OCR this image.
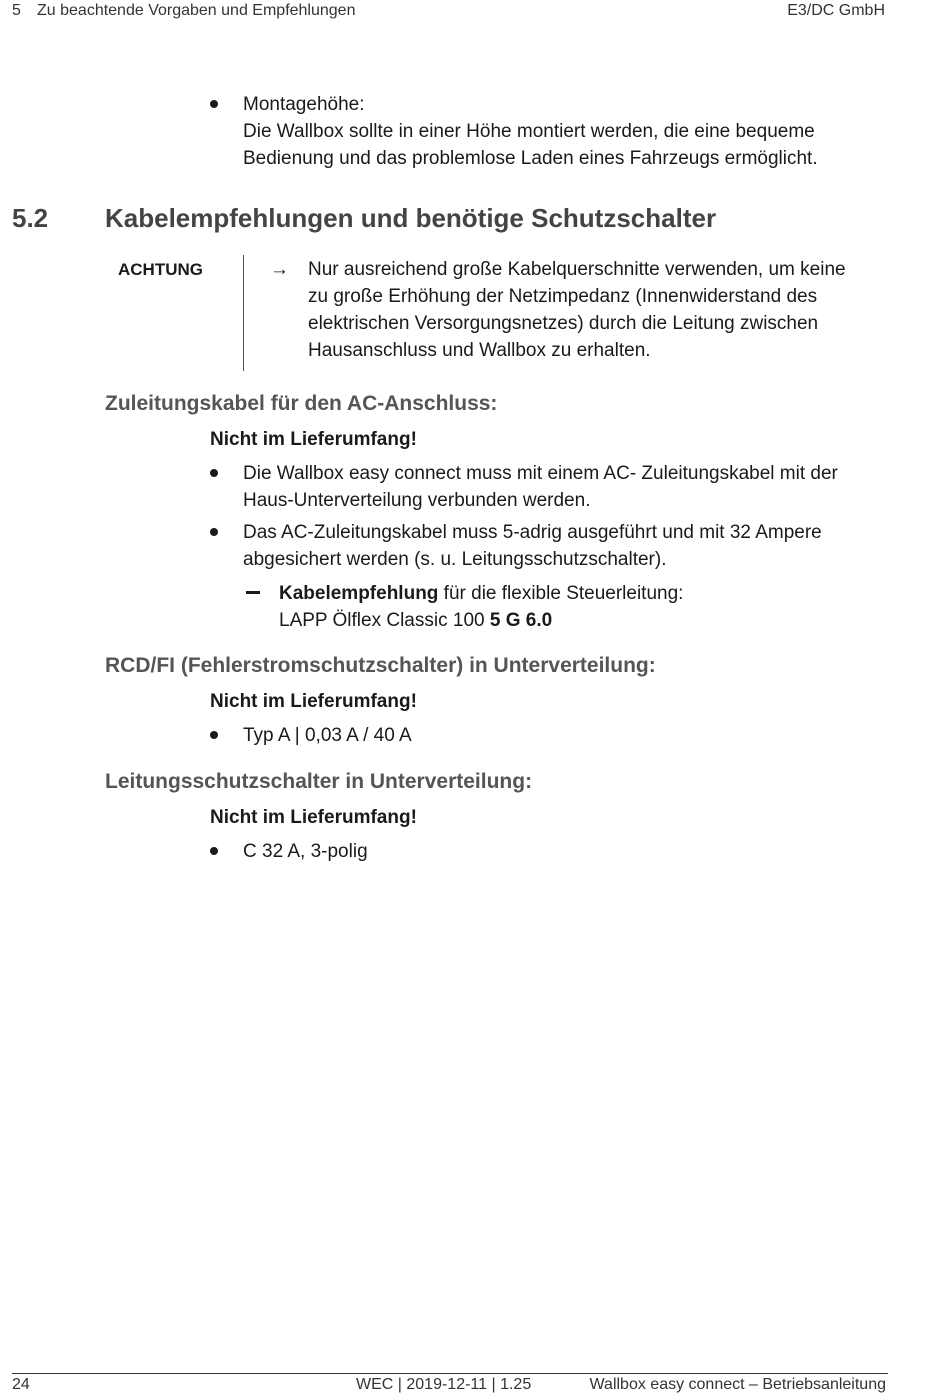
5 Zu beachtende Vorgaben und Empfehlungen	E3/DC GmbH
Montagehöhe:
Die Wallbox sollte in einer Höhe montiert werden, die eine bequeme
Bedienung und das problemlose Laden eines Fahrzeugs ermöglicht.
5.2 Kabelempfehlungen und benötige Schutzschalter
ACHTUNG	→ Nur ausreichend große Kabelquerschnitte verwenden, um keine
zu große Erhöhung der Netzimpedanz (Innenwiderstand des
elektrischen Versorgungsnetzes) durch die Leitung zwischen
Hausanschluss und Wallbox zu erhalten.
Zuleitungskabel für den AC-Anschluss:
Nicht im Lieferumfang!
Die Wallbox easy connect muss mit einem AC- Zuleitungskabel mit der
Haus-Unterverteilung verbunden werden.
Das AC-Zuleitungskabel muss 5-adrig ausgeführt und mit 32 Ampere
abgesichert werden (s. u. Leitungsschutzschalter).
Kabelempfehlung für die flexible Steuerleitung:
LAPP Ölflex Classic 100 5 G 6.0
RCD/FI (Fehlerstromschutzschalter) in Unterverteilung:
Nicht im Lieferumfang!
Typ A | 0,03 A / 40 A
Leitungsschutzschalter in Unterverteilung:
Nicht im Lieferumfang!
C 32 A, 3-polig
24	WEC | 2019-12-11 | 1.25	Wallbox easy connect – Betriebsanleitung
